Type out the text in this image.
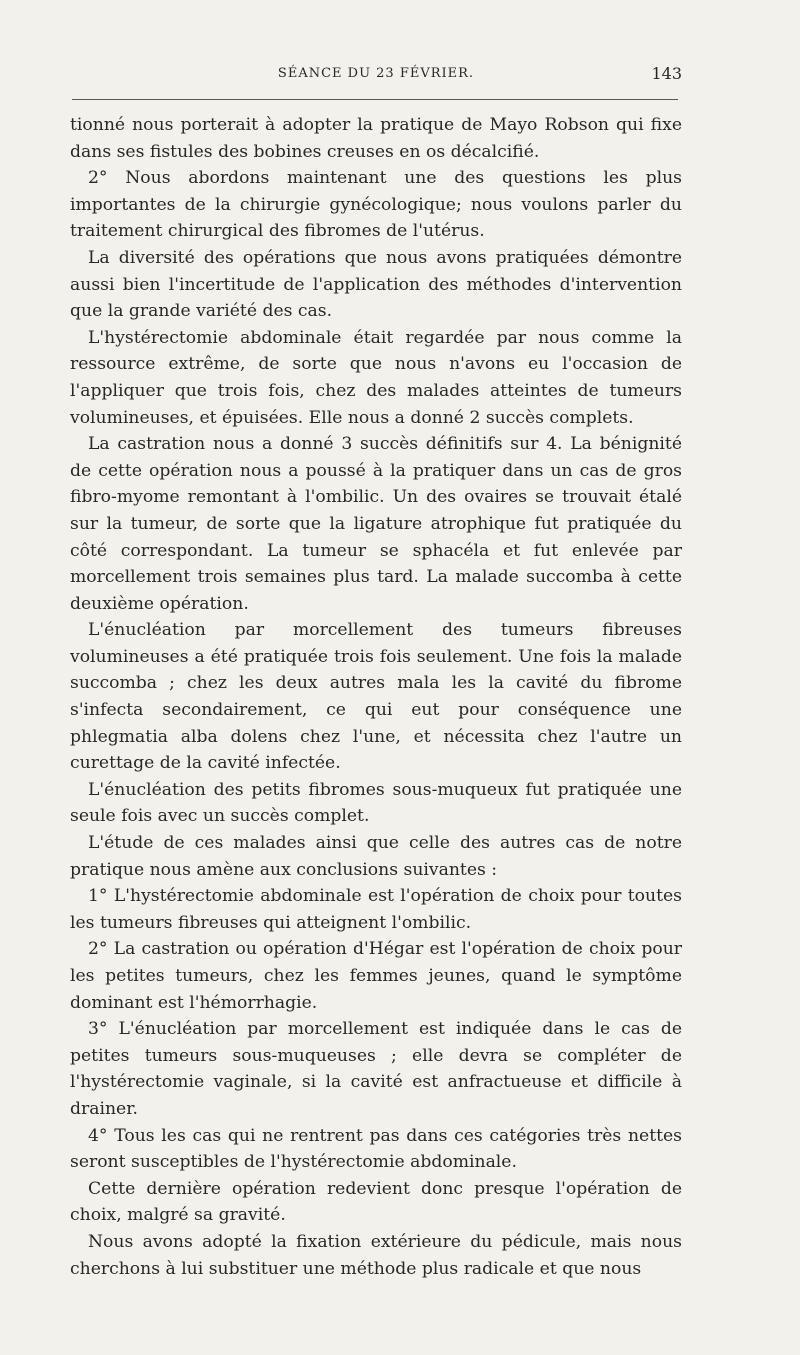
SÉANCE DU 23 FÉVRIER.	143

tionné nous porterait à adopter la pratique de Mayo Robson qui fixe dans ses fistules des bobines creuses en os décalcifié.

2° Nous abordons maintenant une des questions les plus importantes de la chirurgie gynécologique; nous voulons parler du traitement chirurgical des fibromes de l'utérus.

La diversité des opérations que nous avons pratiquées démontre aussi bien l'incertitude de l'application des méthodes d'intervention que la grande variété des cas.

L'hystérectomie abdominale était regardée par nous comme la ressource extrême, de sorte que nous n'avons eu l'occasion de l'appliquer que trois fois, chez des malades atteintes de tumeurs volumineuses, et épuisées. Elle nous a donné 2 succès complets.

La castration nous a donné 3 succès définitifs sur 4. La bénignité de cette opération nous a poussé à la pratiquer dans un cas de gros fibro-myome remontant à l'ombilic. Un des ovaires se trouvait étalé sur la tumeur, de sorte que la ligature atrophique fut pratiquée du côté correspondant. La tumeur se sphacéla et fut enlevée par morcellement trois semaines plus tard. La malade succomba à cette deuxième opération.

L'énucléation par morcellement des tumeurs fibreuses volumineuses a été pratiquée trois fois seulement. Une fois la malade succomba ; chez les deux autres mala les la cavité du fibrome s'infecta secondairement, ce qui eut pour conséquence une phlegmatia alba dolens chez l'une, et nécessita chez l'autre un curettage de la cavité infectée.

L'énucléation des petits fibromes sous-muqueux fut pratiquée une seule fois avec un succès complet.

L'étude de ces malades ainsi que celle des autres cas de notre pratique nous amène aux conclusions suivantes :

1° L'hystérectomie abdominale est l'opération de choix pour toutes les tumeurs fibreuses qui atteignent l'ombilic.

2° La castration ou opération d'Hégar est l'opération de choix pour les petites tumeurs, chez les femmes jeunes, quand le symptôme dominant est l'hémorrhagie.

3° L'énucléation par morcellement est indiquée dans le cas de petites tumeurs sous-muqueuses ; elle devra se compléter de l'hystérectomie vaginale, si la cavité est anfractueuse et difficile à drainer.

4° Tous les cas qui ne rentrent pas dans ces catégories très nettes seront susceptibles de l'hystérectomie abdominale.

Cette dernière opération redevient donc presque l'opération de choix, malgré sa gravité.

Nous avons adopté la fixation extérieure du pédicule, mais nous cherchons à lui substituer une méthode plus radicale et que nous
